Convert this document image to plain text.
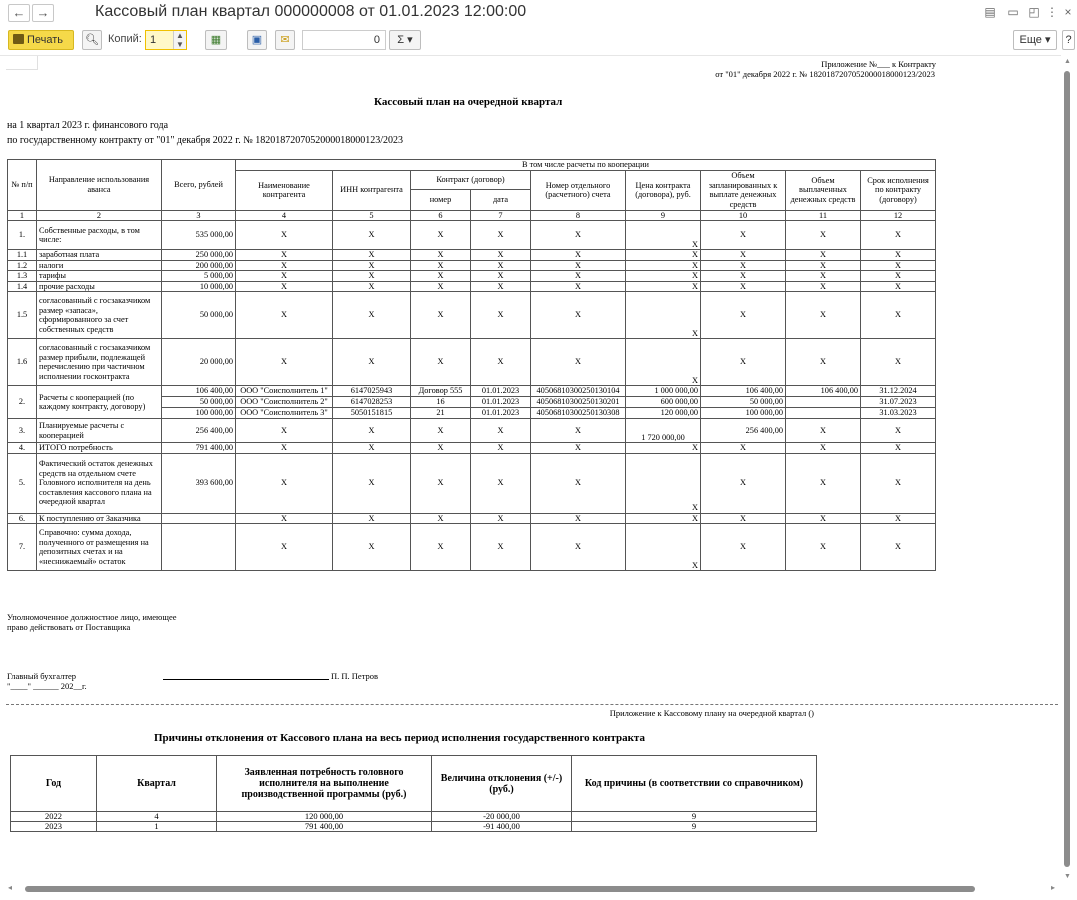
← →	Кассовый план квартал 000000008 от 01.01.2023 12:00:00	▤ ▭ ◰ ⋮ ×
Печать	🔍︎ Копий: 1	▲
▼	▦	▣	✉	0	Σ ▾	Еще ▾	?
Приложение №___ к Контракту
от "01" декабря 2022 г. № 1820187207052000018000123/2023
Кассовый план на очередной квартал
на 1 квартал 2023 г. финансового года
по государственному контракту от "01" декабря 2022 г. № 1820187207052000018000123/2023
№ п/п	Направление использования аванса	Всего, рублей	В том числе расчеты по кооперации								
			Наименование контрагента	ИНН контрагента	Контракт (договор)		Номер отдельного (расчетного) счета	Цена контракта (договора), руб.	Объем запланированных к выплате денежных средств	Объем выплаченных денежных средств	Срок исполнения по контракту (договору)
					номер	дата					
1	2	3	4	5	6	7	8	9	10	11	12
1.	Собственные расходы, в том числе:	535 000,00	X	X	X	X	X	X	X	X	X
1.1	заработная плата	250 000,00	X	X	X	X	X	X	X	X	X
1.2	налоги	200 000,00	X	X	X	X	X	X	X	X	X
1.3	тарифы	5 000,00	X	X	X	X	X	X	X	X	X
1.4	прочие расходы	10 000,00	X	X	X	X	X	X	X	X	X
1.5	согласованный с госзаказчиком размер «запаса», сформированного за счет собственных средств	50 000,00	X	X	X	X	X	X	X	X	X
1.6	согласованный с госзаказчиком размер прибыли, подлежащей перечислению при частичном исполнении госконтракта	20 000,00	X	X	X	X	X	X	X	X	X
2.	Расчеты с кооперацией (по каждому контракту, договору)	106 400,00	ООО "Соисполнитель 1"	6147025943	Договор 555	01.01.2023	40506810300250130104	1 000 000,00	106 400,00	106 400,00	31.12.2024
		50 000,00	ООО "Соисполнитель 2"	6147028253	16	01.01.2023	40506810300250130201	600 000,00	50 000,00		31.07.2023
		100 000,00	ООО "Соисполнитель 3"	5050151815	21	01.01.2023	40506810300250130308	120 000,00	100 000,00		31.03.2023
3.	Планируемые расчеты с кооперацией	256 400,00	X	X	X	X	X	1 720 000,00	256 400,00	X	X
4.	ИТОГО потребность	791 400,00	X	X	X	X	X	X	X	X	X
5.	Фактический остаток денежных средств на отдельном счете Головного исполнителя на день составления кассового плана на очередной квартал	393 600,00	X	X	X	X	X	X	X	X	X
6.	К поступлению от Заказчика		X	X	X	X	X	X	X	X	X
7.	Справочно: сумма дохода, полученного от размещения на депозитных счетах и на «неснижаемый» остаток		X	X	X	X	X	X	X	X	X
Уполномоченное должностное лицо, имеющее
право действовать от Поставщика
Главный бухгалтер	П. П. Петров
"____" ______ 202__г.
Приложение к Кассовому плану на очередной квартал ()
Причины отклонения от Кассового плана на весь период исполнения государственного контракта
Год	Квартал	Заявленная потребность головного исполнителя на выполнение производственной программы (руб.)	Величина отклонения (+/-) (руб.)	Код причины (в соответствии со справочником)
2022	4	120 000,00	-20 000,00	9
2023	1	791 400,00	-91 400,00	9
▲
▼
◂	▸
